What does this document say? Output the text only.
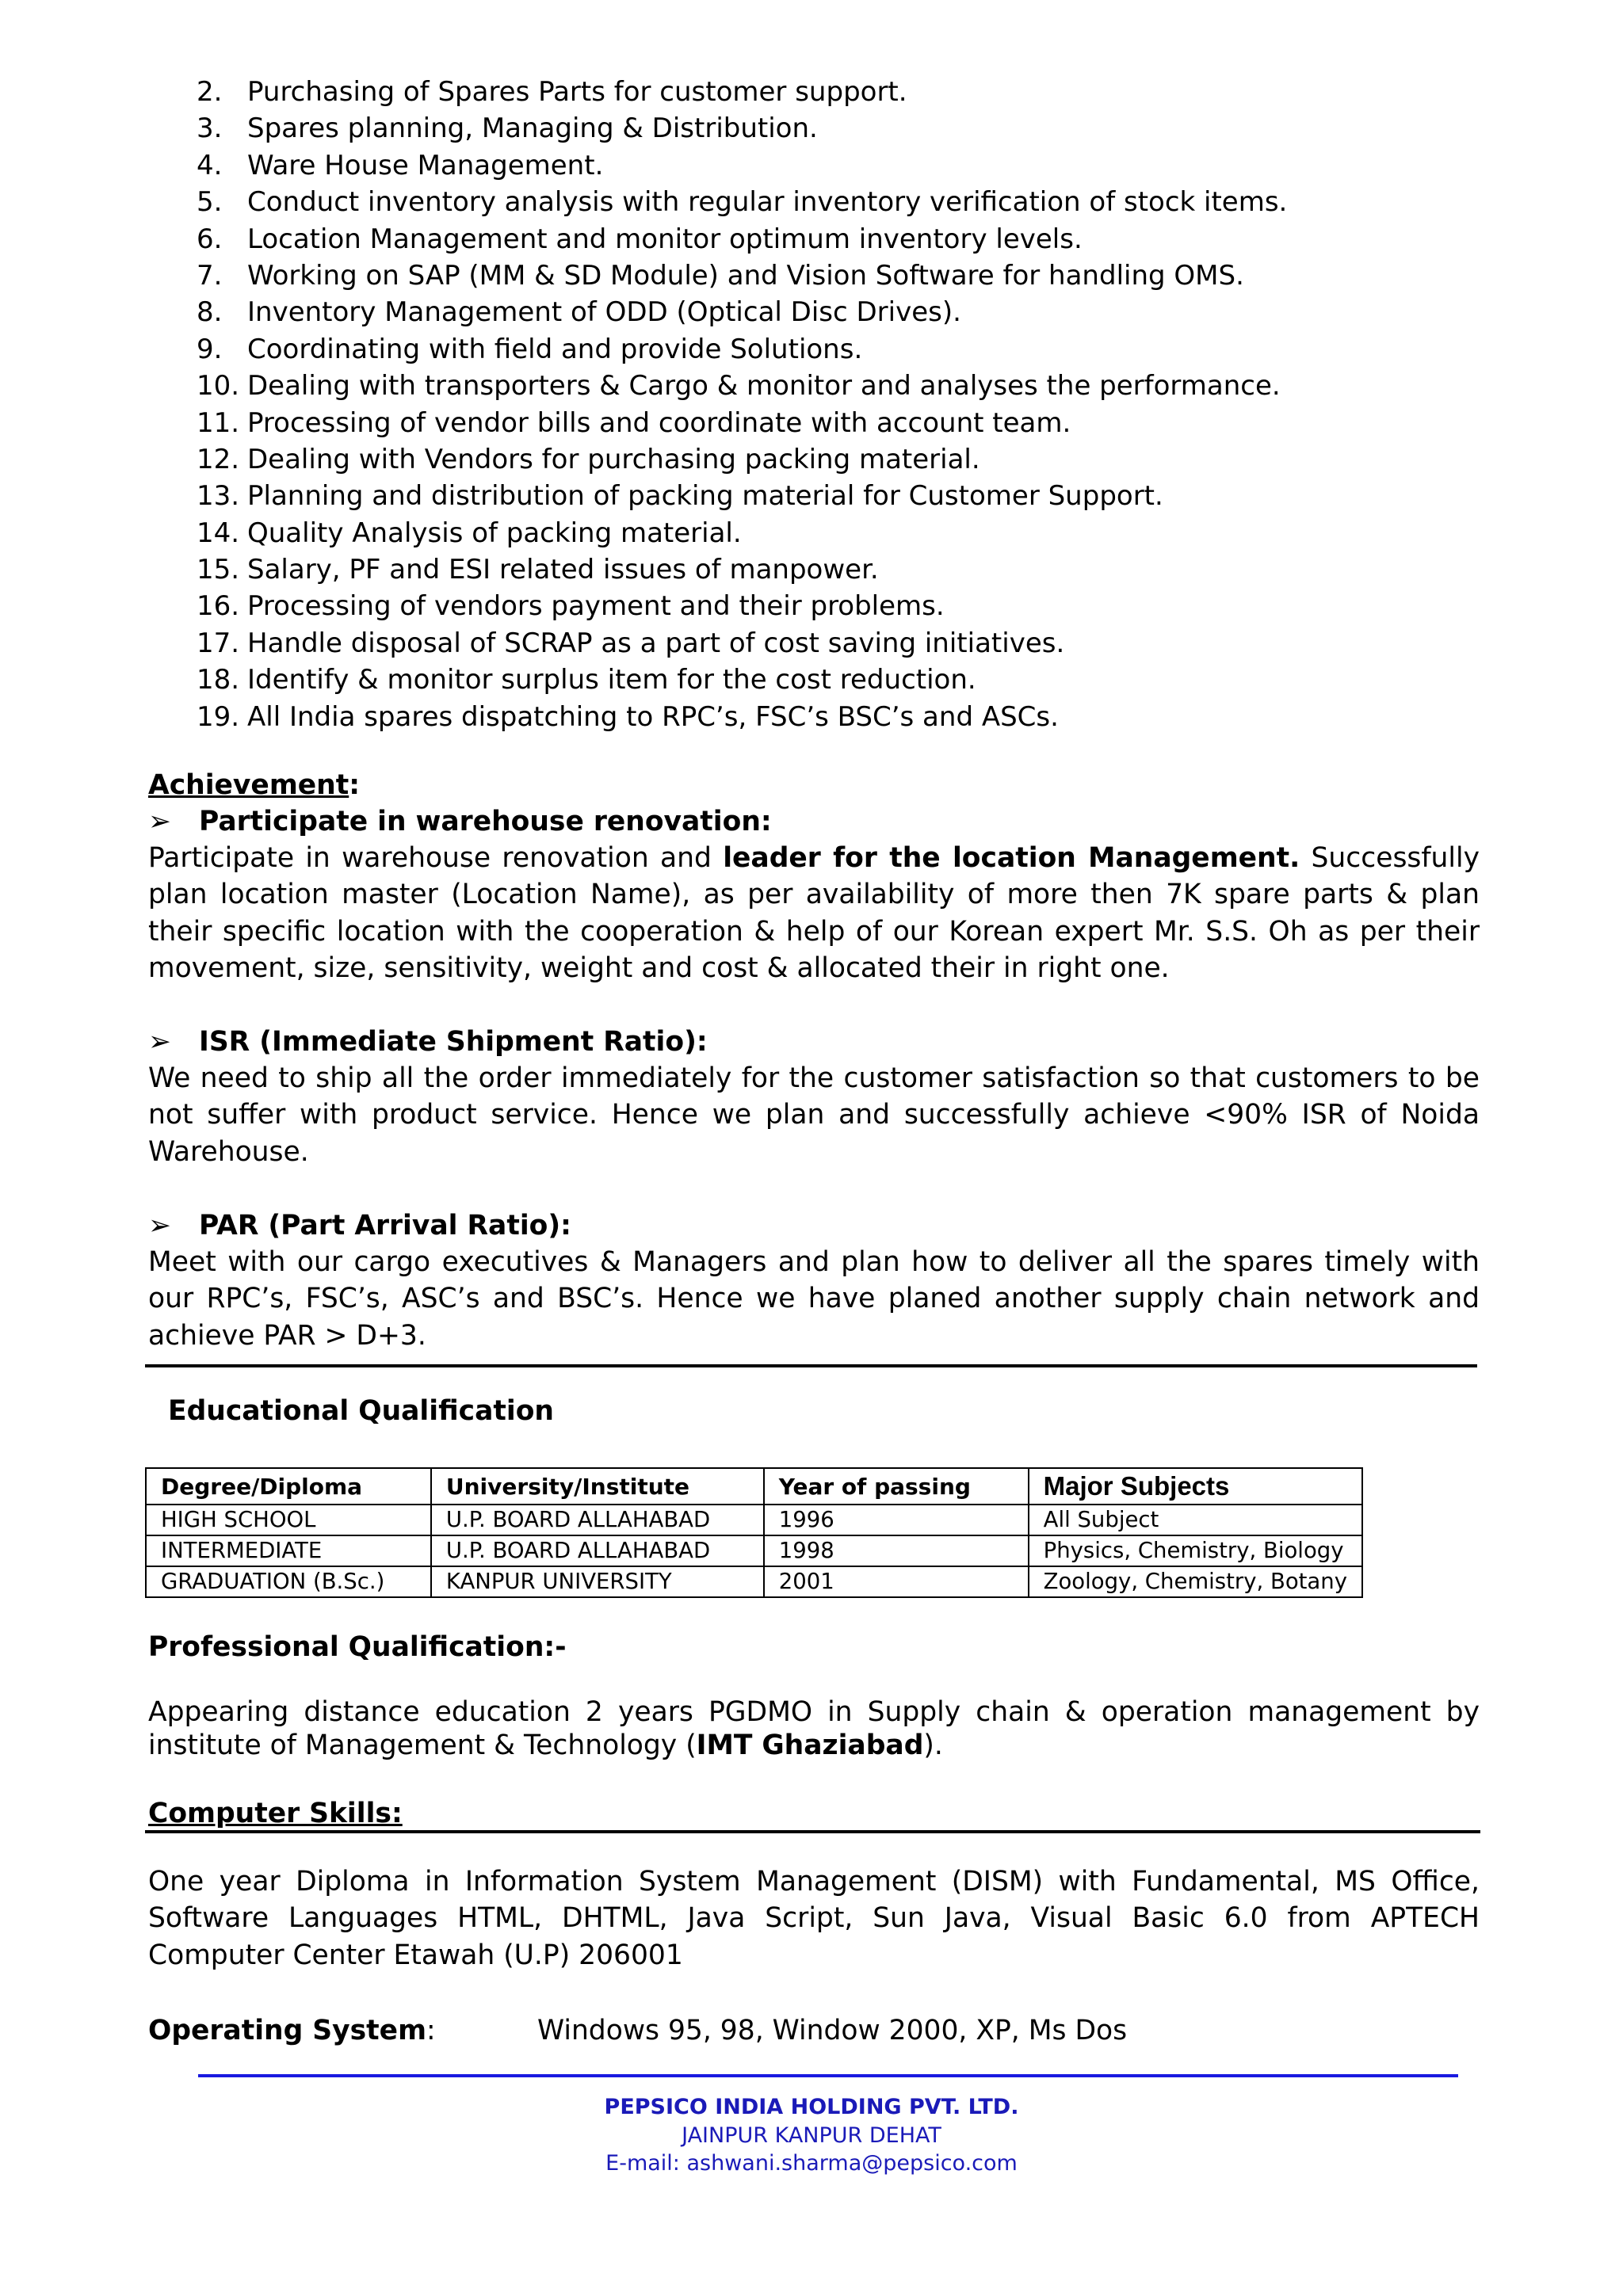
2. Purchasing of Spares Parts for customer support.
3. Spares planning, Managing & Distribution.
4. Ware House Management.
5. Conduct inventory analysis with regular inventory verification of stock items.
6. Location Management and monitor optimum inventory levels.
7. Working on SAP (MM & SD Module) and Vision Software for handling OMS.
8. Inventory Management of ODD (Optical Disc Drives).
9. Coordinating with field and provide Solutions.
10. Dealing with transporters & Cargo & monitor and analyses the performance.
11. Processing of vendor bills and coordinate with account team.
12. Dealing with Vendors for purchasing packing material.
13. Planning and distribution of packing material for Customer Support.
14. Quality Analysis of packing material.
15. Salary, PF and ESI related issues of manpower.
16. Processing of vendors payment and their problems.
17. Handle disposal of SCRAP as a part of cost saving initiatives.
18. Identify & monitor surplus item for the cost reduction.
19. All India spares dispatching to RPC’s, FSC’s BSC’s and ASCs.
Achievement:
➢ Participate in warehouse renovation:
Participate in warehouse renovation and leader for the location Management. Successfully plan location master (Location Name), as per availability of more then 7K spare parts & plan their specific location with the cooperation & help of our Korean expert Mr. S.S. Oh as per their movement, size, sensitivity, weight and cost & allocated their in right one.
➢ ISR (Immediate Shipment Ratio):
We need to ship all the order immediately for the customer satisfaction so that customers to be not suffer with product service. Hence we plan and successfully achieve <90% ISR of Noida Warehouse.
➢ PAR (Part Arrival Ratio):
Meet with our cargo executives & Managers and plan how to deliver all the spares timely with our RPC’s, FSC’s, ASC’s and BSC’s. Hence we have planed another supply chain network and achieve PAR > D+3.
Educational Qualification
Degree/Diploma	University/Institute	Year of passing	Major Subjects
HIGH SCHOOL	U.P. BOARD ALLAHABAD	1996	All Subject
INTERMEDIATE	U.P. BOARD ALLAHABAD	1998	Physics, Chemistry, Biology
GRADUATION (B.Sc.)	KANPUR UNIVERSITY	2001	Zoology, Chemistry, Botany
Professional Qualification:-
Appearing distance education 2 years PGDMO in Supply chain & operation management by institute of Management & Technology (IMT Ghaziabad).
Computer Skills:
One year Diploma in Information System Management (DISM) with Fundamental, MS Office, Software Languages HTML, DHTML, Java Script, Sun Java, Visual Basic 6.0 from APTECH Computer Center Etawah (U.P) 206001
Operating System:	Windows 95, 98, Window 2000, XP, Ms Dos
PEPSICO INDIA HOLDING PVT. LTD.
JAINPUR KANPUR DEHAT
E-mail: ashwani.sharma@pepsico.com
